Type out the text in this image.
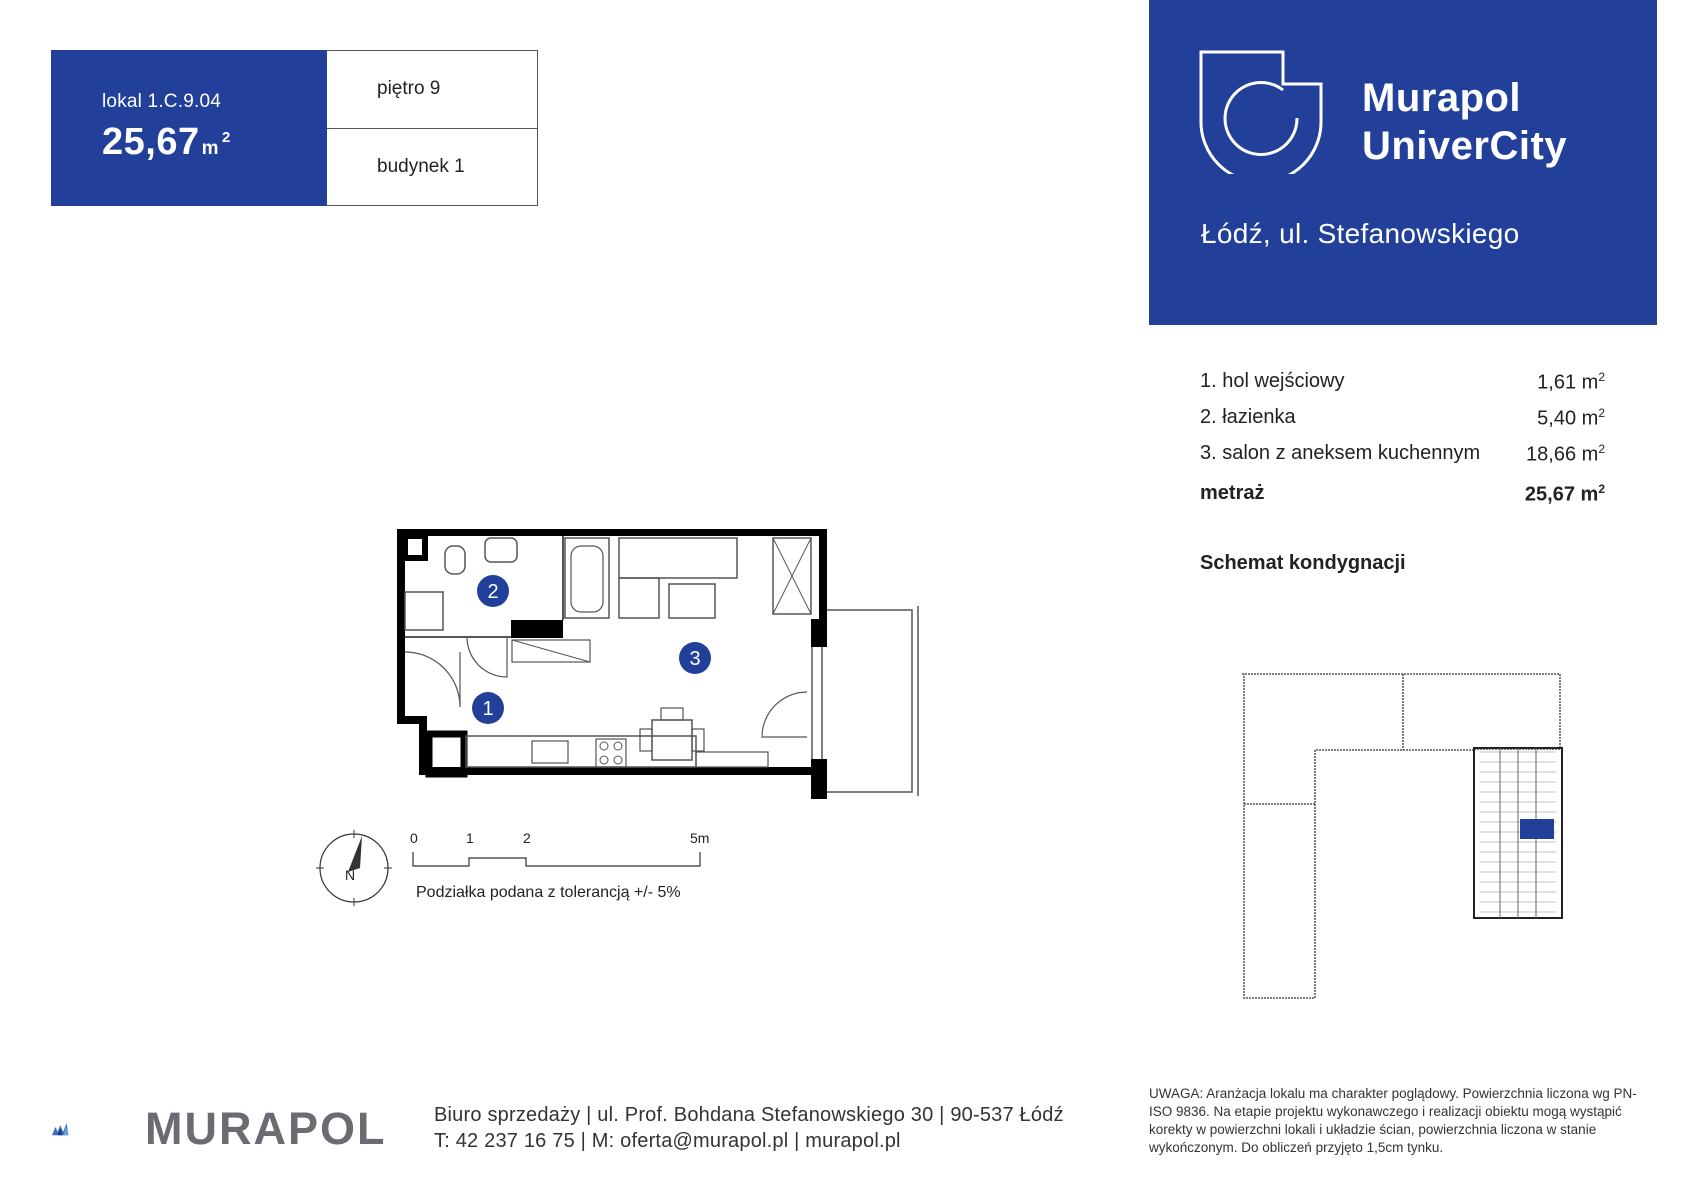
lokal 1.C.9.04
25,67 $m^2$
piętro 9
budynek 1
Murapol
UniverCity
Łódź, ul. Stefanowskiego
1. hol wejściowy	1,61 $m^2$
2. łazienka	5,40 $m^2$
3. salon z aneksem kuchennym 18,66 $m^2$
metraż	25,67 $m^2$
Schemat kondygnacji
1
2
3
N
0	1	2	5m
Podziałka podana z tolerancją +/- 5%
MURAPOL Biuro sprzedaży | ul. Prof. Bohdana Stefanowskiego 30 | 90-537 Łódź
T: 42 237 16 75 | M: oferta@murapol.pl | murapol.pl
UWAGA: Aranżacja lokalu ma charakter poglądowy. Powierzchnia liczona wg PN-ISO 9836. Na etapie projektu wykonawczego i realizacji obiektu mogą wystąpić korekty w powierzchni lokali i układzie ścian, powierzchnia liczona w stanie wykończonym. Do obliczeń przyjęto 1,5cm tynku.
